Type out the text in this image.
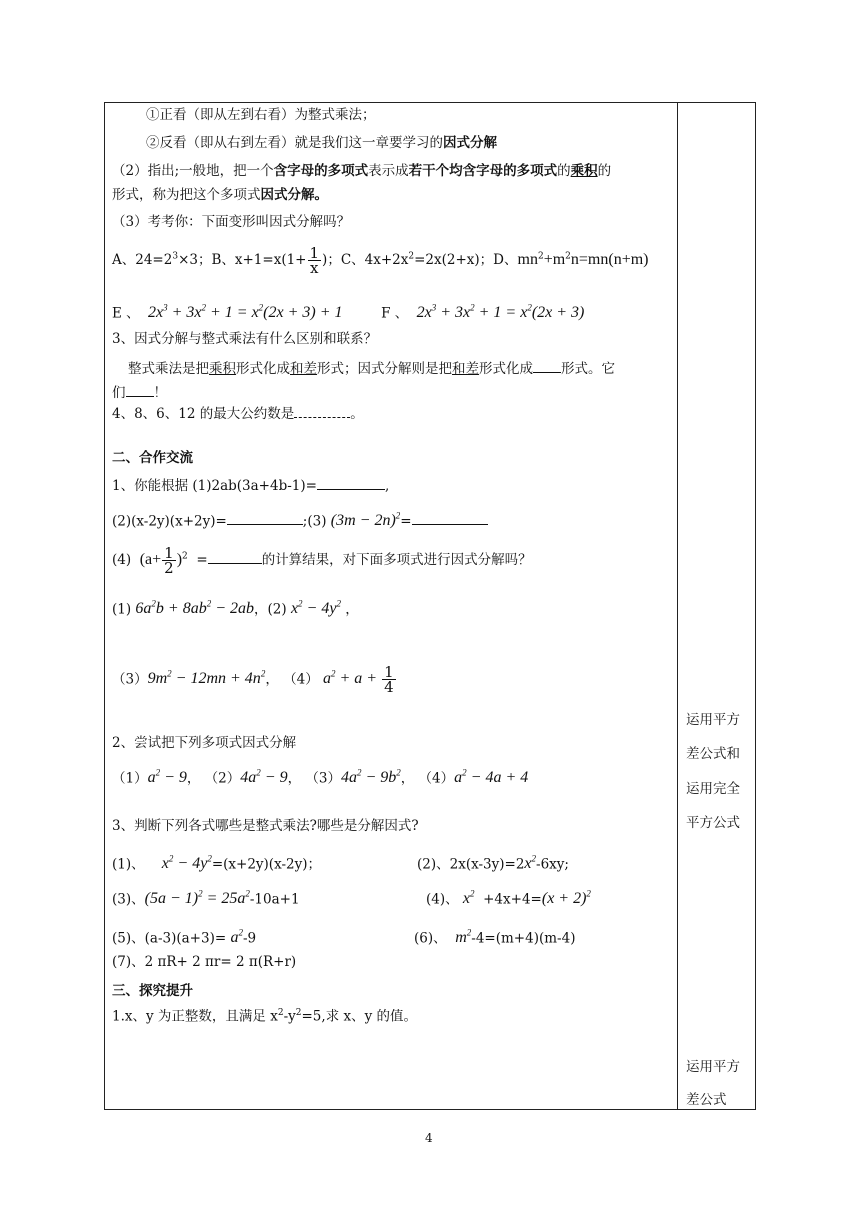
①正看（即从左到右看）为整式乘法；
②反看（即从右到左看）就是我们这一章要学习的因式分解
（2）指出;一般地，把一个含字母的多项式表示成若干个均含字母的多项式的乘积的
形式，称为把这个多项式因式分解。
（3）考考你：下面变形叫因式分解吗？
A、$24=2^3\times 3$；B、$x+1=x(1+ \frac{1}{x}$ )；C、$4x+2x^2=2x(2+x)$；D、$mn^2+m^2n=mn(n+m)$
E 、  $2x^3 + 3x^2 + 1 = x^2(2x + 3) + 1$	F 、  $2x^3 + 3x^2 + 1 = x^2(2x + 3)$
3、因式分解与整式乘法有什么区别和联系？
整式乘法是把乘积形式化成和差形式；因式分解则是把和差形式化成 形式。它
们 ！
4、8、6、12 的最大公约数是	。
二、合作交流
1、你能根据 (1)2ab(3a+4b-1)=	,
(2)(x-2y)(x+2y)=	;(3) $(3m - 2n)^2=$
(4) $(a+ \frac{1}{2} )^2$ =	的计算结果，对下面多项式进行因式分解吗？
(1) $6a^2b + 8ab^2 - 2ab$，(2) $x^2 - 4y^2$ ，
$(3)9m^2 - 12mn + 4n^2$， （4） $a^2 + a + \frac{1}{4}$
2、尝试把下列多项式因式分解
$(1)a^2 - 9$， $(2)4a^2 - 9$， $(3)4a^2 - 9b^2$， $(4)a^2 - 4a + 4$
3、判断下列各式哪些是整式乘法?哪些是分解因式?
(1)、 $x^2 - 4y^2=(x+2y)(x-2y)$；	(2)、$2x(x-3y)=2x^2-6xy$;
(3)、$(5a - 1)^2 = 25a^2-10a+1$	(4)、 $x^2 +4x+4=(x + 2)^2$
(5)、$(a-3)(a+3)= a^2-9$	(6)、 $m^2-4=(m+4)(m-4)$
(7)、2 πR+ 2 πr= 2 π(R+r)
三、探究提升
1.x、y 为正整数，且满足 $x^2-y^2=5$,求 x、y 的值。
运用平方
差公式和
运用完全
平方公式
运用平方
差公式
4
